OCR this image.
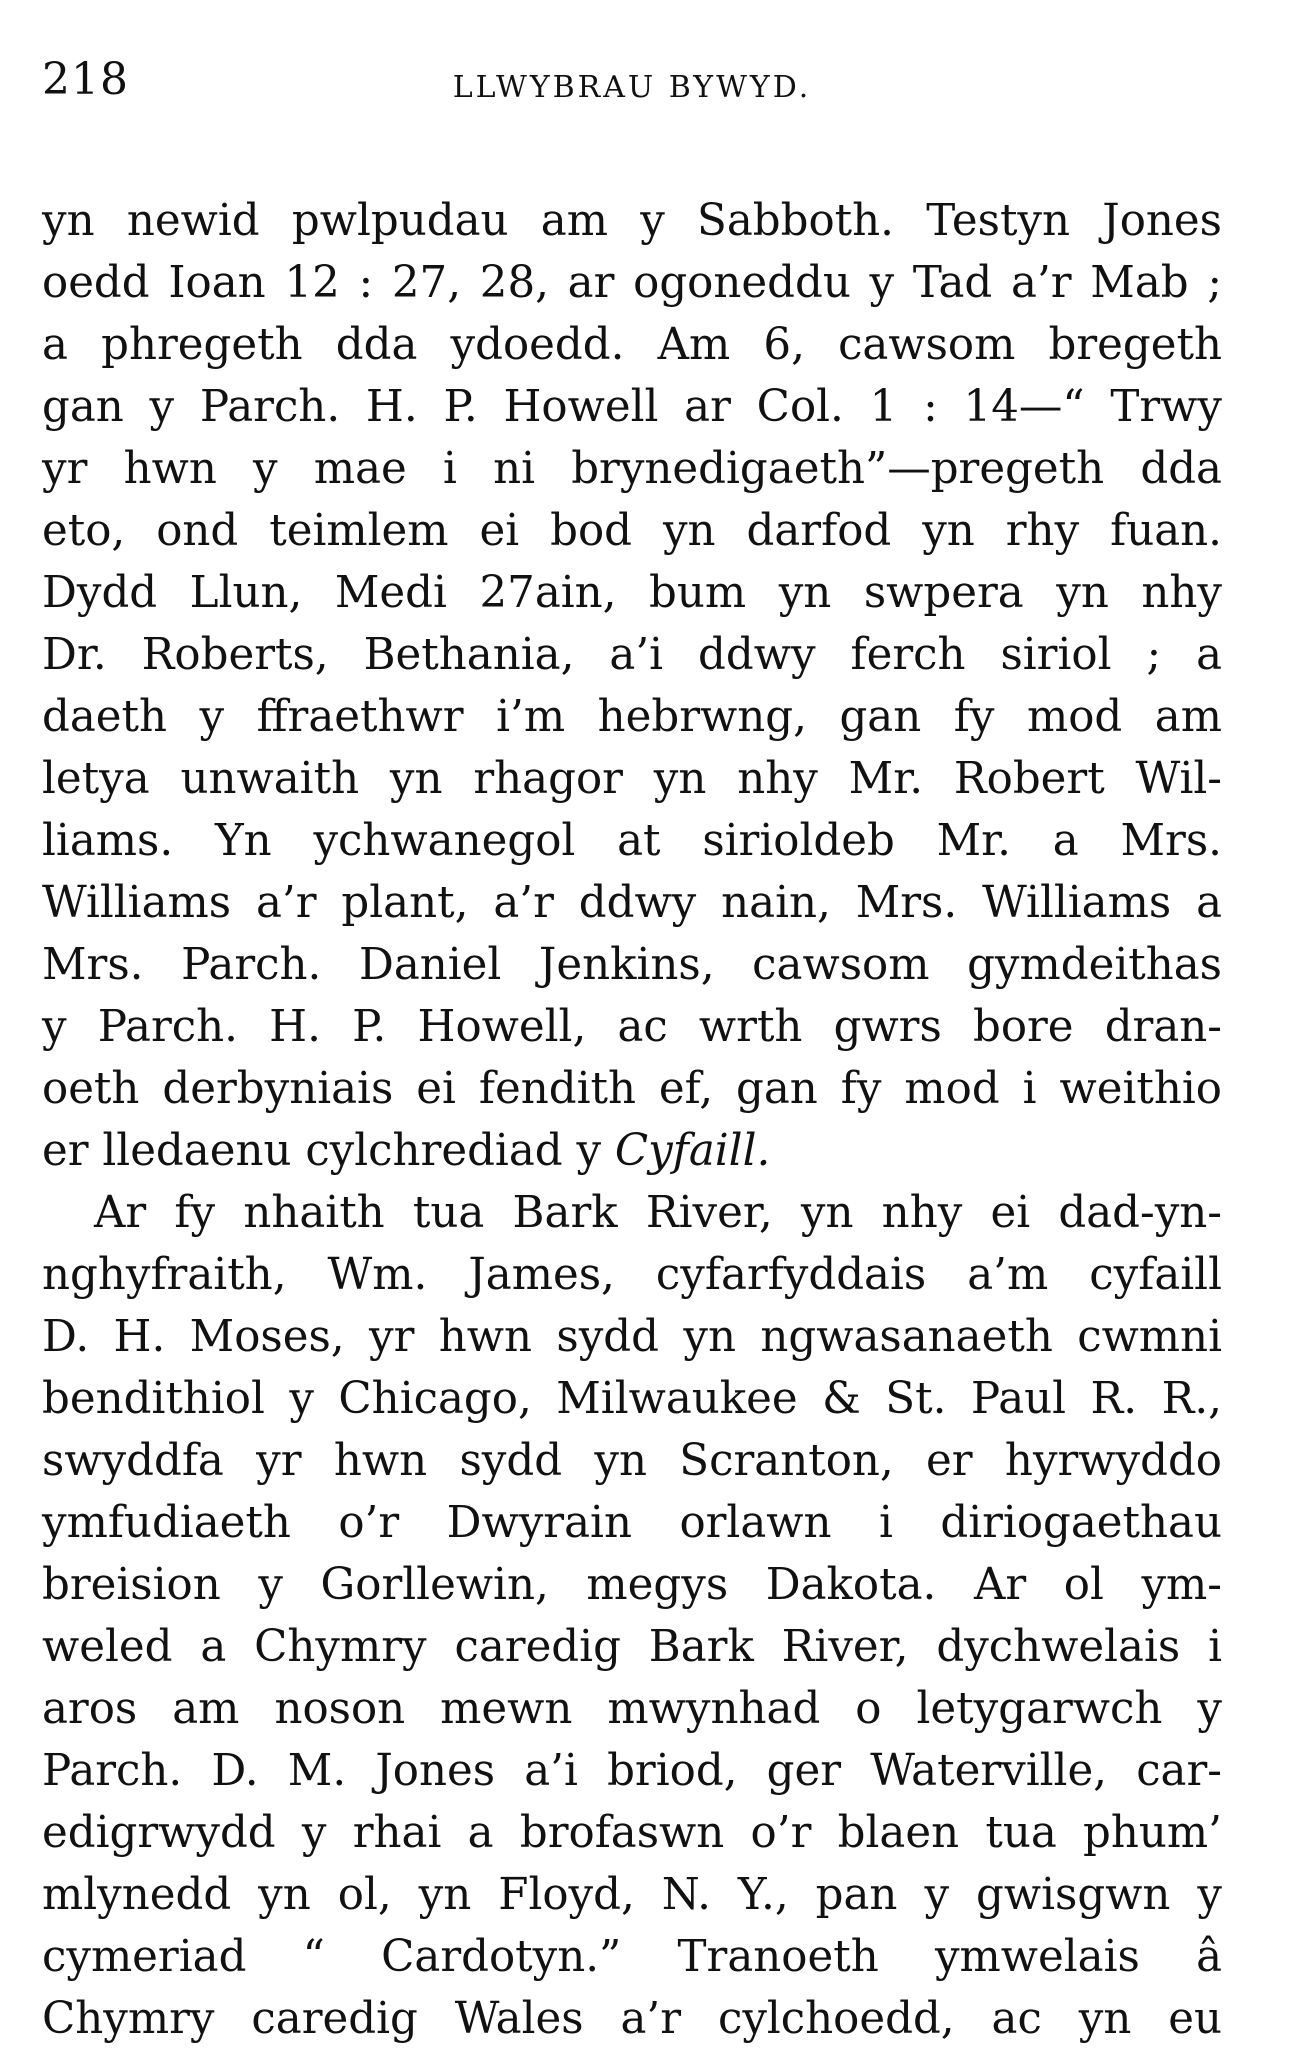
218	LLWYBRAU BYWYD.
yn newid pwlpudau am y Sabboth. Testyn Jones
oedd Ioan 12 : 27, 28, ar ogoneddu y Tad a’r Mab ;
a phregeth dda ydoedd. Am 6, cawsom bregeth
gan y Parch. H. P. Howell ar Col. 1 : 14—“ Trwy
yr hwn y mae i ni brynedigaeth”—pregeth dda
eto, ond teimlem ei bod yn darfod yn rhy fuan.
Dydd Llun, Medi 27ain, bum yn swpera yn nhy
Dr. Roberts, Bethania, a’i ddwy ferch siriol ; a
daeth y ffraethwr i’m hebrwng, gan fy mod am
letya unwaith yn rhagor yn nhy Mr. Robert Wil-
liams. Yn ychwanegol at sirioldeb Mr. a Mrs.
Williams a’r plant, a’r ddwy nain, Mrs. Williams a
Mrs. Parch. Daniel Jenkins, cawsom gymdeithas
y Parch. H. P. Howell, ac wrth gwrs bore dran-
oeth derbyniais ei fendith ef, gan fy mod i weithio
er lledaenu cylchrediad y Cyfaill.
Ar fy nhaith tua Bark River, yn nhy ei dad-yn-
nghyfraith, Wm. James, cyfarfyddais a’m cyfaill
D. H. Moses, yr hwn sydd yn ngwasanaeth cwmni
bendithiol y Chicago, Milwaukee & St. Paul R. R.,
swyddfa yr hwn sydd yn Scranton, er hyrwyddo
ymfudiaeth o’r Dwyrain orlawn i diriogaethau
breision y Gorllewin, megys Dakota. Ar ol ym-
weled a Chymry caredig Bark River, dychwelais i
aros am noson mewn mwynhad o letygarwch y
Parch. D. M. Jones a’i briod, ger Waterville, car-
edigrwydd y rhai a brofaswn o’r blaen tua phum’
mlynedd yn ol, yn Floyd, N. Y., pan y gwisgwn y
cymeriad “ Cardotyn.” Tranoeth ymwelais â
Chymry caredig Wales a’r cylchoedd, ac yn eu
